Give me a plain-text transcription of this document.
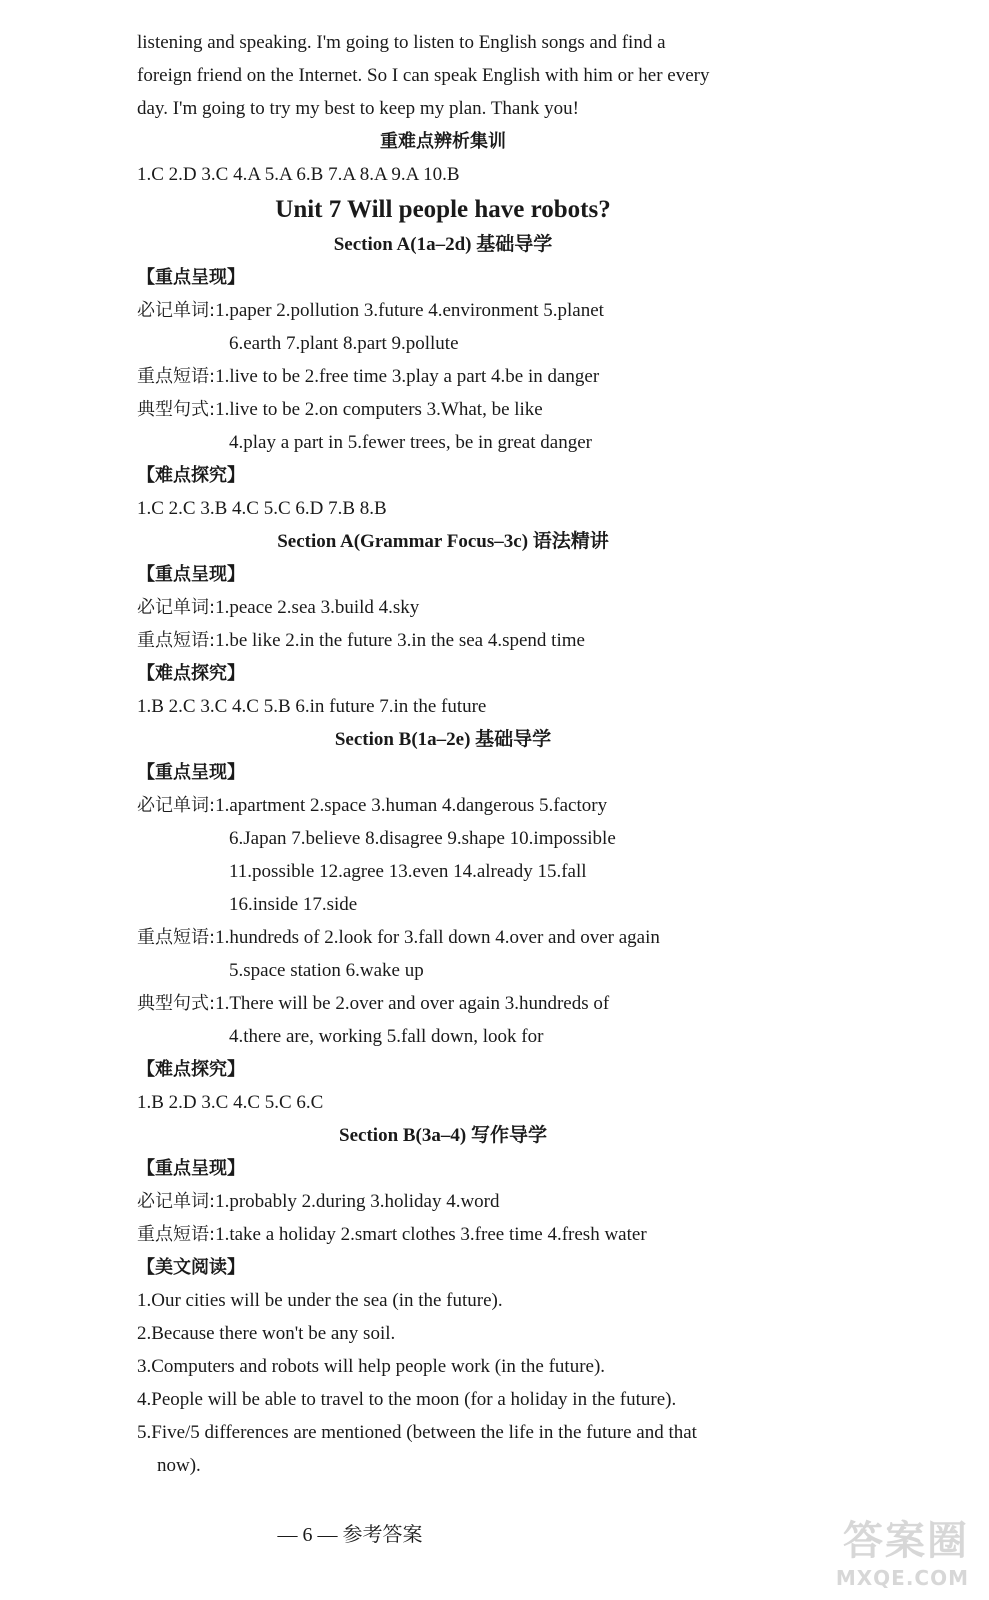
listening and speaking. I'm going to listen to English songs and find a
foreign friend on the Internet. So I can speak English with him or her every
day. I'm going to try my best to keep my plan. Thank you!
重难点辨析集训
1.C 2.D 3.C 4.A 5.A 6.B 7.A 8.A 9.A 10.B
Unit 7 Will people have robots?
Section A(1a–2d) 基础导学
【重点呈现】
必记单词:1.paper 2.pollution 3.future 4.environment 5.planet
6.earth 7.plant 8.part 9.pollute
重点短语:1.live to be 2.free time 3.play a part 4.be in danger
典型句式:1.live to be 2.on computers 3.What, be like
4.play a part in 5.fewer trees, be in great danger
【难点探究】
1.C 2.C 3.B 4.C 5.C 6.D 7.B 8.B
Section A(Grammar Focus–3c) 语法精讲
【重点呈现】
必记单词:1.peace 2.sea 3.build 4.sky
重点短语:1.be like 2.in the future 3.in the sea 4.spend time
【难点探究】
1.B 2.C 3.C 4.C 5.B 6.in future 7.in the future
Section B(1a–2e) 基础导学
【重点呈现】
必记单词:1.apartment 2.space 3.human 4.dangerous 5.factory
6.Japan 7.believe 8.disagree 9.shape 10.impossible
11.possible 12.agree 13.even 14.already 15.fall
16.inside 17.side
重点短语:1.hundreds of 2.look for 3.fall down 4.over and over again
5.space station 6.wake up
典型句式:1.There will be 2.over and over again 3.hundreds of
4.there are, working 5.fall down, look for
【难点探究】
1.B 2.D 3.C 4.C 5.C 6.C
Section B(3a–4) 写作导学
【重点呈现】
必记单词:1.probably 2.during 3.holiday 4.word
重点短语:1.take a holiday 2.smart clothes 3.free time 4.fresh water
【美文阅读】
1.Our cities will be under the sea (in the future).
2.Because there won't be any soil.
3.Computers and robots will help people work (in the future).
4.People will be able to travel to the moon (for a holiday in the future).
5.Five/5 differences are mentioned (between the life in the future and that
now).
— 6 — 参考答案	答案圈
MXQE.COM
